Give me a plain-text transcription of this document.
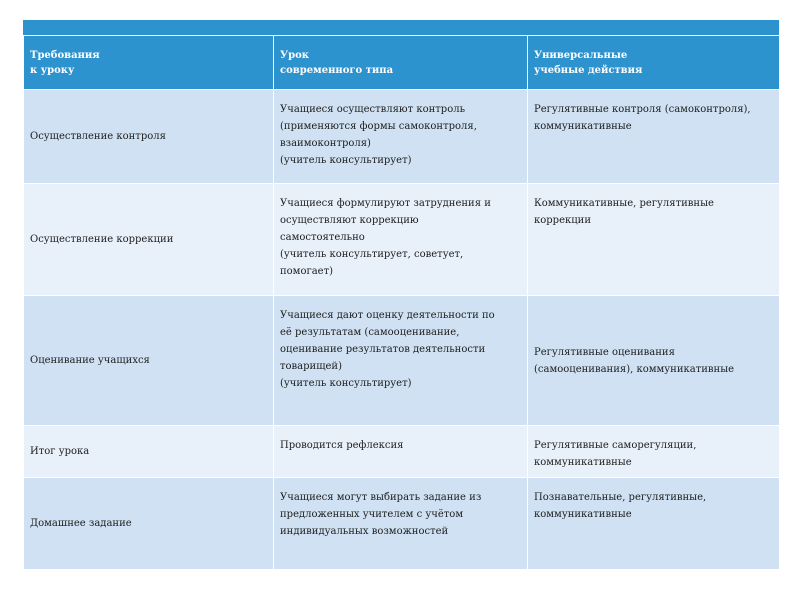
Требования
к уроку	Урок
современного типа	Универсальные
учебные действия

Осуществление контроля	Учащиеся осуществляют контроль
(применяются формы самоконтроля,
взаимоконтроля)
(учитель консультирует)	Регулятивные контроля (самоконтроля),
коммуникативные

Осуществление коррекции	Учащиеся формулируют затруднения и
осуществляют коррекцию
самостоятельно
(учитель консультирует, советует,
помогает)	Коммуникативные, регулятивные
коррекции

Оценивание учащихся	Учащиеся дают оценку деятельности по
её результатам (самооценивание,
оценивание результатов деятельности
товарищей)
(учитель консультирует)	Регулятивные оценивания
(самооценивания), коммуникативные

Итог урока	Проводится рефлексия	Регулятивные саморегуляции,
коммуникативные

Домашнее задание	Учащиеся могут выбирать задание из
предложенных учителем с учётом
индивидуальных возможностей	Познавательные, регулятивные,
коммуникативные
